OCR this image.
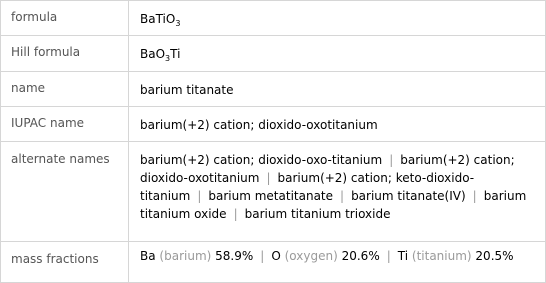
formula	BaTiO$_3$
Hill formula	BaO$_3$Ti
name	barium titanate
IUPAC name	barium(+2) cation; dioxido-oxotitanium
alternate names	barium(+2) cation; dioxido-oxo-titanium | barium(+2) cation; dioxido-oxotitanium | barium(+2) cation; keto-dioxido-titanium | barium metatitanate | barium titanate(IV) | barium titanium oxide | barium titanium trioxide
mass fractions	Ba (barium) 58.9% | O (oxygen) 20.6% | Ti (titanium) 20.5%
